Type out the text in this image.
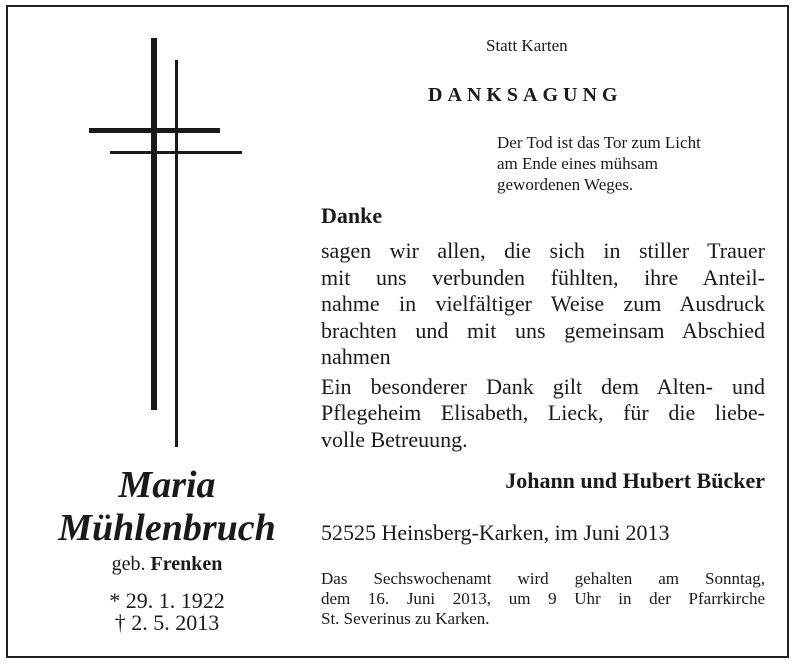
Statt Karten
DANKSAGUNG
Der Tod ist das Tor zum Licht
am Ende eines mühsam
gewordenen Weges.
Danke
sagen wir allen, die sich in stiller Trauer
mit uns verbunden fühlten, ihre Anteil-
nahme in vielfältiger Weise zum Ausdruck
brachten und mit uns gemeinsam Abschied
nahmen
Ein besonderer Dank gilt dem Alten- und
Pflegeheim Elisabeth, Lieck, für die liebe-
volle Betreuung.
Johann und Hubert Bücker
52525 Heinsberg-Karken, im Juni 2013
Das Sechswochenamt wird gehalten am Sonntag,
dem 16. Juni 2013, um 9 Uhr in der Pfarrkirche
St. Severinus zu Karken.
Maria
Mühlenbruch
geb. Frenken
* 29. 1. 1922
† 2. 5. 2013
